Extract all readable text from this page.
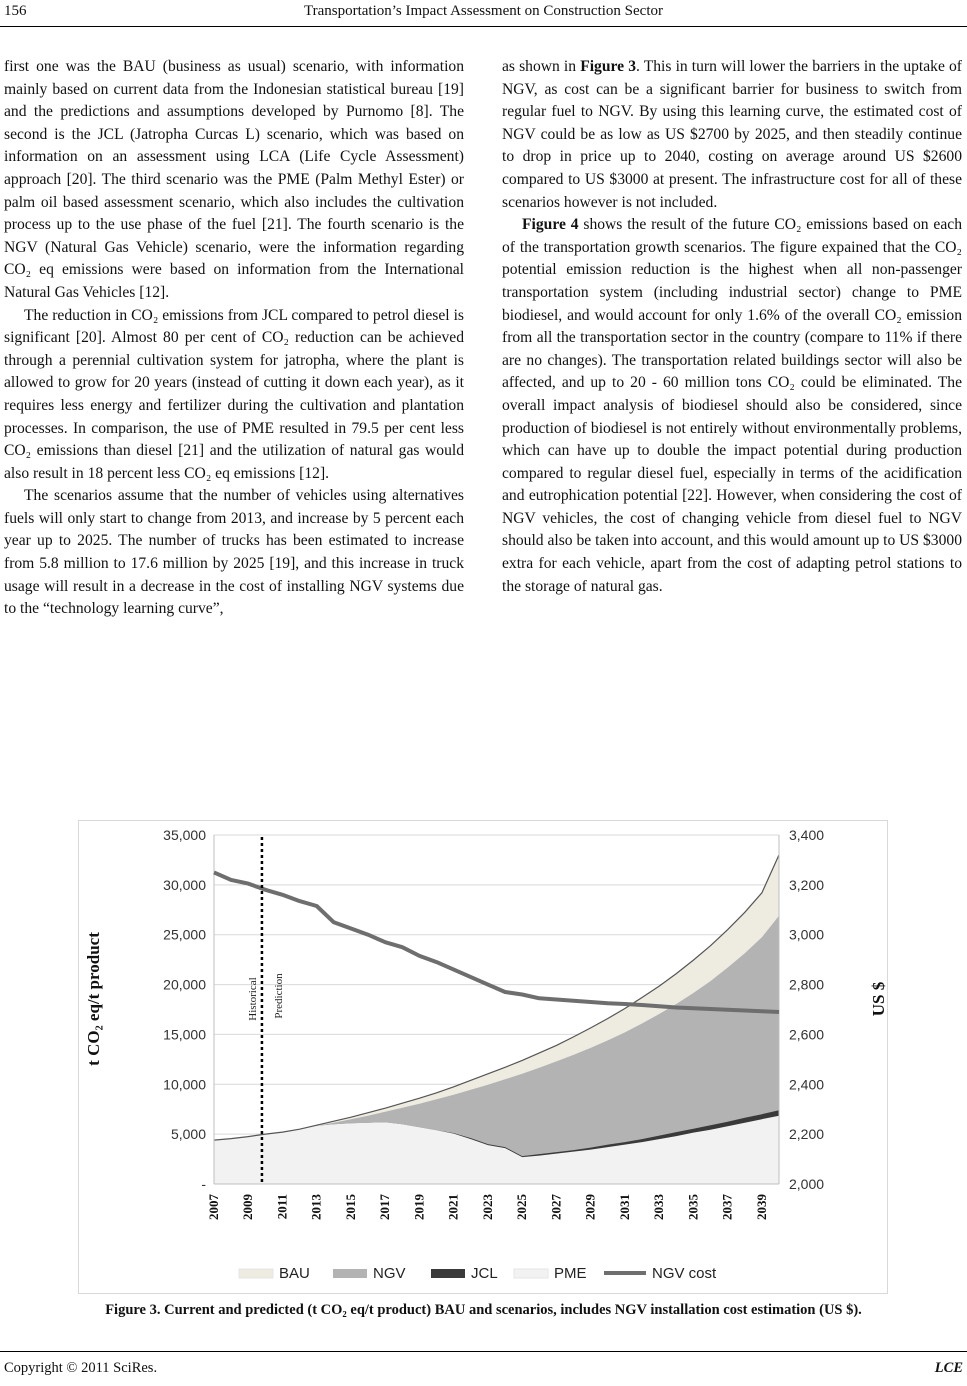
156	Transportation’s Impact Assessment on Construction Sector

first one was the BAU (business as usual) scenario, with information mainly based on current data from the Indonesian statistical bureau [19] and the predictions and assumptions developed by Purnomo [8]. The second is the JCL (Jatropha Curcas L) scenario, which was based on information on an assessment using LCA (Life Cycle Assessment) approach [20]. The third scenario was the PME (Palm Methyl Ester) or palm oil based assessment scenario, which also includes the cultivation process up to the use phase of the fuel [21]. The fourth scenario is the NGV (Natural Gas Vehicle) scenario, were the information regarding CO₂ eq emissions were based on information from the International Natural Gas Vehicles [12].

The reduction in CO₂ emissions from JCL compared to petrol diesel is significant [20]. Almost 80 per cent of CO₂ reduction can be achieved through a perennial cultivation system for jatropha, where the plant is allowed to grow for 20 years (instead of cutting it down each year), as it requires less energy and fertilizer during the cultivation and plantation processes. In comparison, the use of PME resulted in 79.5 per cent less CO₂ emissions than diesel [21] and the utilization of natural gas would also result in 18 percent less CO₂ eq emissions [12].

The scenarios assume that the number of vehicles using alternatives fuels will only start to change from 2013, and increase by 5 percent each year up to 2025. The number of trucks has been estimated to increase from 5.8 million to 17.6 million by 2025 [19], and this increase in truck usage will result in a decrease in the cost of installing NGV systems due to the “technology learning curve”,

as shown in Figure 3. This in turn will lower the barriers in the uptake of NGV, as cost can be a significant barrier for business to switch from regular fuel to NGV. By using this learning curve, the estimated cost of NGV could be as low as US $2700 by 2025, and then steadily continue to drop in price up to 2040, costing on average around US $2600 compared to US $3000 at present. The infrastructure cost for all of these scenarios however is not included.

Figure 4 shows the result of the future CO₂ emissions based on each of the transportation growth scenarios. The figure expained that the CO₂ potential emission reduction is the highest when all non-passenger transportation system (including industrial sector) change to PME biodiesel, and would account for only 1.6% of the overall CO₂ emission from all the transportation sector in the country (compare to 11% if there are no changes). The transportation related buildings sector will also be affected, and up to 20 - 60 million tons CO₂ could be eliminated. The overall impact analysis of biodiesel should also be considered, since production of biodiesel is not entirely without environmentally problems, which can have up to double the impact potential during production compared to regular diesel fuel, especially in terms of the acidification and eutrophication potential [22]. However, when considering the cost of NGV vehicles, the cost of changing vehicle from diesel fuel to NGV should also be taken into account, and this would amount up to US $3000 extra for each vehicle, apart from the cost of adapting petrol stations to the storage of natural gas.

Historical Prediction
-
5,000
10,000
15,000
20,000
25,000
30,000
35,000
2,000
2,200
2,400
2,600
2,800
3,000
3,200
3,400
2007 2009 2011 2013 2015 2017 2019 2021 2023 2025 2027 2029 2031 2033 2035 2037 2039
t CO₂ eq/t product	US $
BAU	NGV	JCL	PME	NGV cost
Figure 3. Current and predicted (t CO₂ eq/t product) BAU and scenarios, includes NGV installation cost estimation (US $).
Copyright © 2011 SciRes.	LCE
